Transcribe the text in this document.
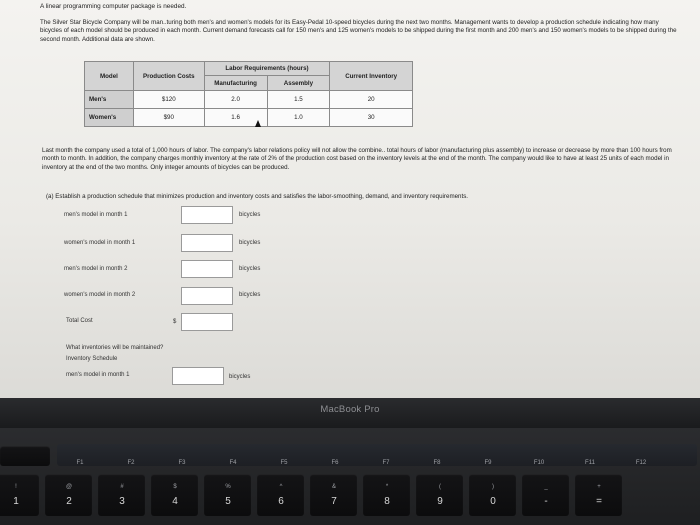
A linear programming computer package is needed.
The Silver Star Bicycle Company will be man..turing both men's and women's models for its Easy-Pedal 10-speed bicycles during the next two months. Management wants to develop a production schedule indicating how many bicycles of each model should be produced in each month. Current demand forecasts call for 150 men's and 125 women's models to be shipped during the first month and 200 men's and 150 women's models to be shipped during the second month. Additional data are shown.
Model	Production Costs	Labor Requirements (hours)		Current Inventory
		Manufacturing	Assembly	
Men's	$120	2.0	1.5	20
Women's	$90	1.6	1.0	30
Last month the company used a total of 1,000 hours of labor. The company's labor relations policy will not allow the combine.. total hours of labor (manufacturing plus assembly) to increase or decrease by more than 100 hours from month to month. In addition, the company charges monthly inventory at the rate of 2% of the production cost based on the inventory levels at the end of the month. The company would like to have at least 25 units of each model in inventory at the end of the two months. Only integer amounts of bicycles can be produced.
(a) Establish a production schedule that minimizes production and inventory costs and satisfies the labor-smoothing, demand, and inventory requirements.
men's model in month 1	bicycles
women's model in month 1	bicycles
men's model in month 2	bicycles
women's model in month 2	bicycles
Total Cost	$
What inventories will be maintained?
Inventory Schedule
men's model in month 1	bicycles
MacBook Pro
F1	F2	F3	F4	F5	F6	F7	F8	F9	F10	F11	F12
!
1
@
2
#
3
$
4
%
5
^
6
&
7
*
8
(
9
)
0
_
-
+
=
